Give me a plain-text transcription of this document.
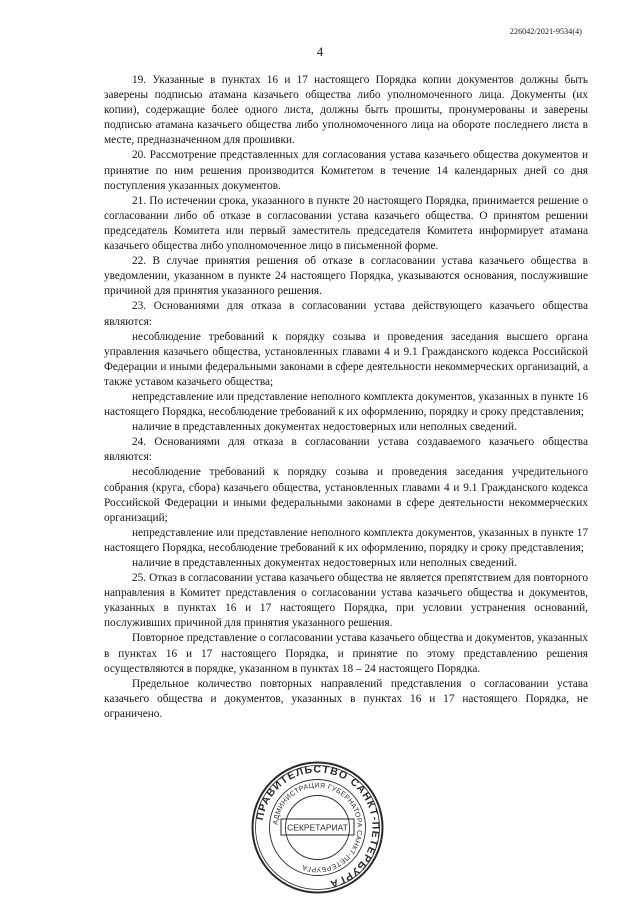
226042/2021-9534(4)
4

19. Указанные в пунктах 16 и 17 настоящего Порядка копии документов должны быть заверены подписью атамана казачьего общества либо уполномоченного лица. Документы (их копии), содержащие более одного листа, должны быть прошиты, пронумерованы и заверены подписью атамана казачьего общества либо уполномоченного лица на обороте последнего листа в месте, предназначенном для прошивки.

20. Рассмотрение представленных для согласования устава казачьего общества документов и принятие по ним решения производится Комитетом в течение 14 календарных дней со дня поступления указанных документов.

21. По истечении срока, указанного в пункте 20 настоящего Порядка, принимается решение о согласовании либо об отказе в согласовании устава казачьего общества. О принятом решении председатель Комитета или первый заместитель председателя Комитета информирует атамана казачьего общества либо уполномоченное лицо в письменной форме.

22. В случае принятия решения об отказе в согласовании устава казачьего общества в уведомлении, указанном в пункте 24 настоящего Порядка, указываются основания, послужившие причиной для принятия указанного решения.

23. Основаниями для отказа в согласовании устава действующего казачьего общества являются:

несоблюдение требований к порядку созыва и проведения заседания высшего органа управления казачьего общества, установленных главами 4 и 9.1 Гражданского кодекса Российской Федерации и иными федеральными законами в сфере деятельности некоммерческих организаций, а также уставом казачьего общества;

непредставление или представление неполного комплекта документов, указанных в пункте 16 настоящего Порядка, несоблюдение требований к их оформлению, порядку и сроку представления;

наличие в представленных документах недостоверных или неполных сведений.

24. Основаниями для отказа в согласовании устава создаваемого казачьего общества являются:

несоблюдение требований к порядку созыва и проведения заседания учредительного собрания (круга, сбора) казачьего общества, установленных главами 4 и 9.1 Гражданского кодекса Российской Федерации и иными федеральными законами в сфере деятельности некоммерческих организаций;

непредставление или представление неполного комплекта документов, указанных в пункте 17 настоящего Порядка, несоблюдение требований к их оформлению, порядку и сроку представления;

наличие в представленных документах недостоверных или неполных сведений.

25. Отказ в согласовании устава казачьего общества не является препятствием для повторного направления в Комитет представления о согласовании устава казачьего общества и документов, указанных в пунктах 16 и 17 настоящего Порядка, при условии устранения оснований, послуживших причиной для принятия указанного решения.

Повторное представление о согласовании устава казачьего общества и документов, указанных в пунктах 16 и 17 настоящего Порядка, и принятие по этому представлению решения осуществляются в порядке, указанном в пунктах 18 – 24 настоящего Порядка.

Предельное количество повторных направлений представления о согласовании устава казачьего общества и документов, указанных в пунктах 16 и 17 настоящего Порядка, не ограничено.

ПРАВИТЕЛЬСТВО САНКТ-ПЕТЕРБУРГА
АДМИНИСТРАЦИЯ ГУБЕРНАТОРА САНКТ-ПЕТЕРБУРГА
СЕКРЕТАРИАТ
